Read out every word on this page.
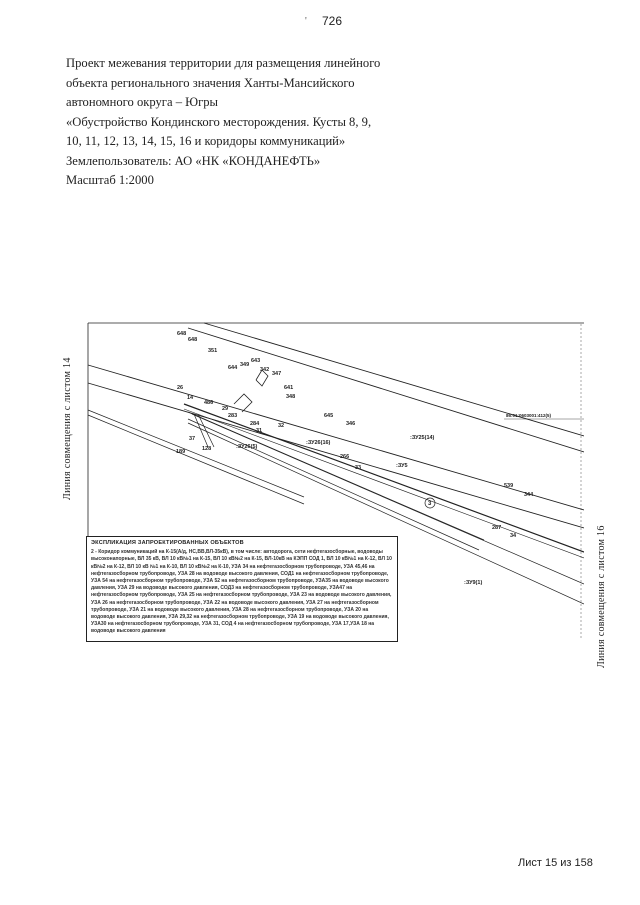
' 726
Проект межевания территории для размещения линейного
объекта регионального значения Ханты-Мансийского
автономного округа – Югры
«Обустройство Кондинского месторождения. Кусты 8, 9,
10, 11, 12, 13, 14, 15, 16 и коридоры коммуникаций»
Землепользователь: АО «НК «КОНДАНЕФТЬ»
Масштаб 1:2000
Линия совмещения с листом 14
Линия совмещения с листом 16
648
648
351
644 349
643
342
347
26	641
348
14
486
29
283
284
31
32
645
346
37
189	128
:ЗУ26(16)
:ЗУ25(14)
:ЗУ26(5)
266
33	:ЗУ5
86:01:0603001:412(5)
539
344
287
34
3
:ЗУ9(1)
ЭКСПЛИКАЦИЯ ЗАПРОЕКТИРОВАННЫХ ОБЪЕКТОВ
2 - Коридор коммуникаций на К-15(А/д, НС,ВВ,ВЛ-35кВ), в том числе: автодорога, сети нефтегазосборные, водоводы высоконапорные, ВЛ 35 кВ, ВЛ 10 кВ№1 на К-15, ВЛ 10 кВ№2 на К-15, ВЛ-10кВ на КЭПП СОД 1, ВЛ 10 кВ№1 на К-12, ВЛ 10 кВ№2 на К-12, ВЛ 10 кВ №1 на К-10, ВЛ 10 кВ№2 на К-10, УЗА 34 на нефтегазосборном трубопроводе, УЗА 45,46 на нефтегазосборном трубопроводе, УЗА 28 на водоводе высокого давления, СОД1 на нефтегазосборном трубопроводе, УЗА 54 на нефтегазосборном трубопроводе, УЗА 52 на нефтегазосборном трубопроводе, УЗА35 на водоводе высокого давления, УЗА 29 на водоводе высокого давления, СОД3 на нефтегазосборном трубопроводе, УЗА47 на нефтегазосборном трубопроводе, УЗА 25 на нефтегазосборном трубопроводе, УЗА 23 на водоводе высокого давления, УЗА 26 на нефтегазосборном трубопроводе, УЗА 22 на водоводе высокого давления, УЗА 27 на нефтегазосборном трубопроводе, УЗА 21 на водоводе высокого давления, УЗА 28 на нефтегазосборном трубопроводе, УЗА 20 на водоводе высокого давления, УЗА 29,32 на нефтегазосборном трубопроводе, УЗА 19 на водоводе высокого давления, УЗА30 на нефтегазосборном трубопроводе, УЗА 31, СОД 4 на нефтегазосборном трубопроводе, УЗА 17,УЗА 18 на водоводе высокого давления
Лист 15 из 158
